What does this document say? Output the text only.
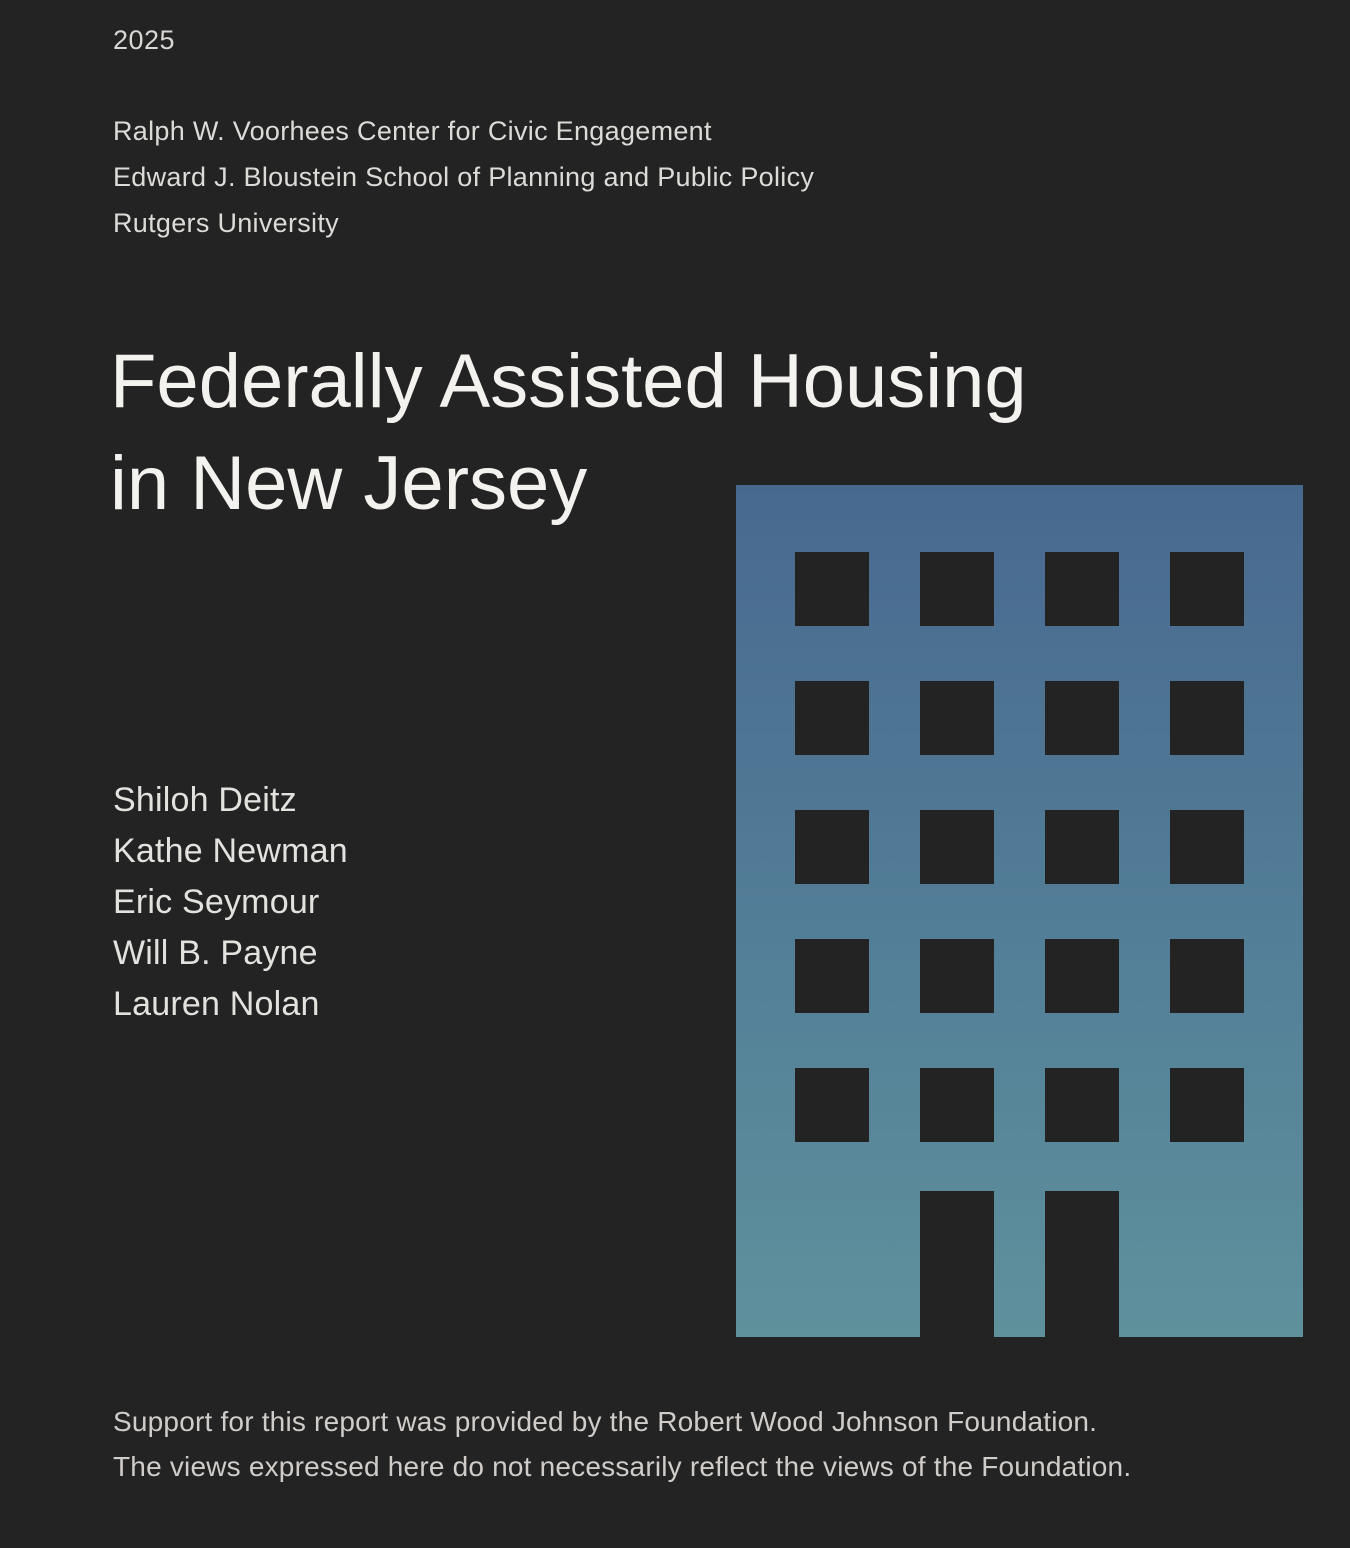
2025
Ralph W. Voorhees Center for Civic Engagement
Edward J. Bloustein School of Planning and Public Policy
Rutgers University
Federally Assisted Housing
in New Jersey
Shiloh Deitz
Kathe Newman
Eric Seymour
Will B. Payne
Lauren Nolan
Support for this report was provided by the Robert Wood Johnson Foundation.
The views expressed here do not necessarily reflect the views of the Foundation.
